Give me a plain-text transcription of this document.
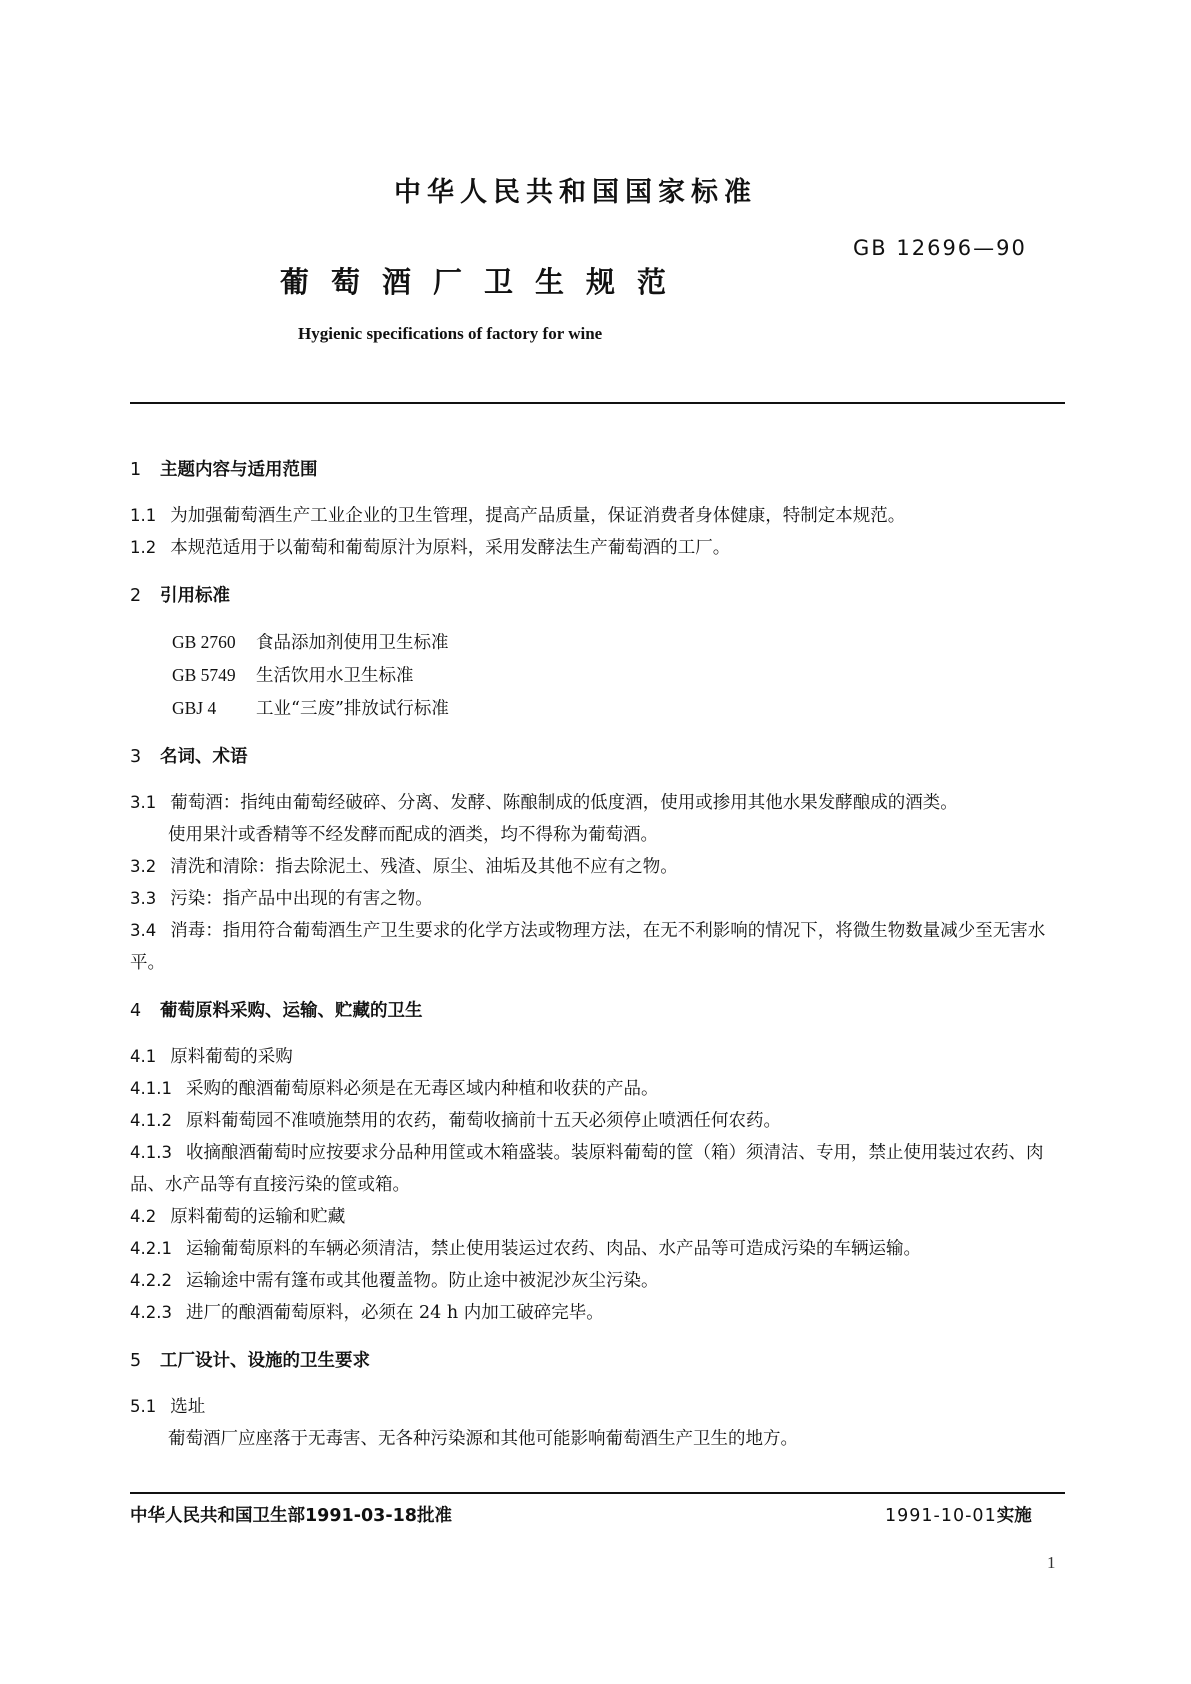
中华人民共和国国家标准
GB 12696—90
葡萄酒厂卫生规范
Hygienic specifications of factory for wine
1 主题内容与适用范围
1.1 为加强葡萄酒生产工业企业的卫生管理，提高产品质量，保证消费者身体健康，特制定本规范。
1.2 本规范适用于以葡萄和葡萄原汁为原料，采用发酵法生产葡萄酒的工厂。
2 引用标准
GB 2760 食品添加剂使用卫生标准
GB 5749 生活饮用水卫生标准
GBJ 4 工业“三废”排放试行标准
3 名词、术语
3.1 葡萄酒：指纯由葡萄经破碎、分离、发酵、陈酿制成的低度酒，使用或掺用其他水果发酵酿成的酒类。
使用果汁或香精等不经发酵而配成的酒类，均不得称为葡萄酒。
3.2 清洗和清除：指去除泥土、残渣、原尘、油垢及其他不应有之物。
3.3 污染：指产品中出现的有害之物。
3.4 消毒：指用符合葡萄酒生产卫生要求的化学方法或物理方法，在无不利影响的情况下，将微生物数量减少至无害水平。
4 葡萄原料采购、运输、贮藏的卫生
4.1 原料葡萄的采购
4.1.1 采购的酿酒葡萄原料必须是在无毒区域内种植和收获的产品。
4.1.2 原料葡萄园不准喷施禁用的农药，葡萄收摘前十五天必须停止喷洒任何农药。
4.1.3 收摘酿酒葡萄时应按要求分品种用筐或木箱盛装。装原料葡萄的筐（箱）须清洁、专用，禁止使用装过农药、肉品、水产品等有直接污染的筐或箱。
4.2 原料葡萄的运输和贮藏
4.2.1 运输葡萄原料的车辆必须清洁，禁止使用装运过农药、肉品、水产品等可造成污染的车辆运输。
4.2.2 运输途中需有篷布或其他覆盖物。防止途中被泥沙灰尘污染。
4.2.3 进厂的酿酒葡萄原料，必须在 24 h 内加工破碎完毕。
5 工厂设计、设施的卫生要求
5.1 选址
葡萄酒厂应座落于无毒害、无各种污染源和其他可能影响葡萄酒生产卫生的地方。
中华人民共和国卫生部1991-03-18批准	1991-10-01实施
1
